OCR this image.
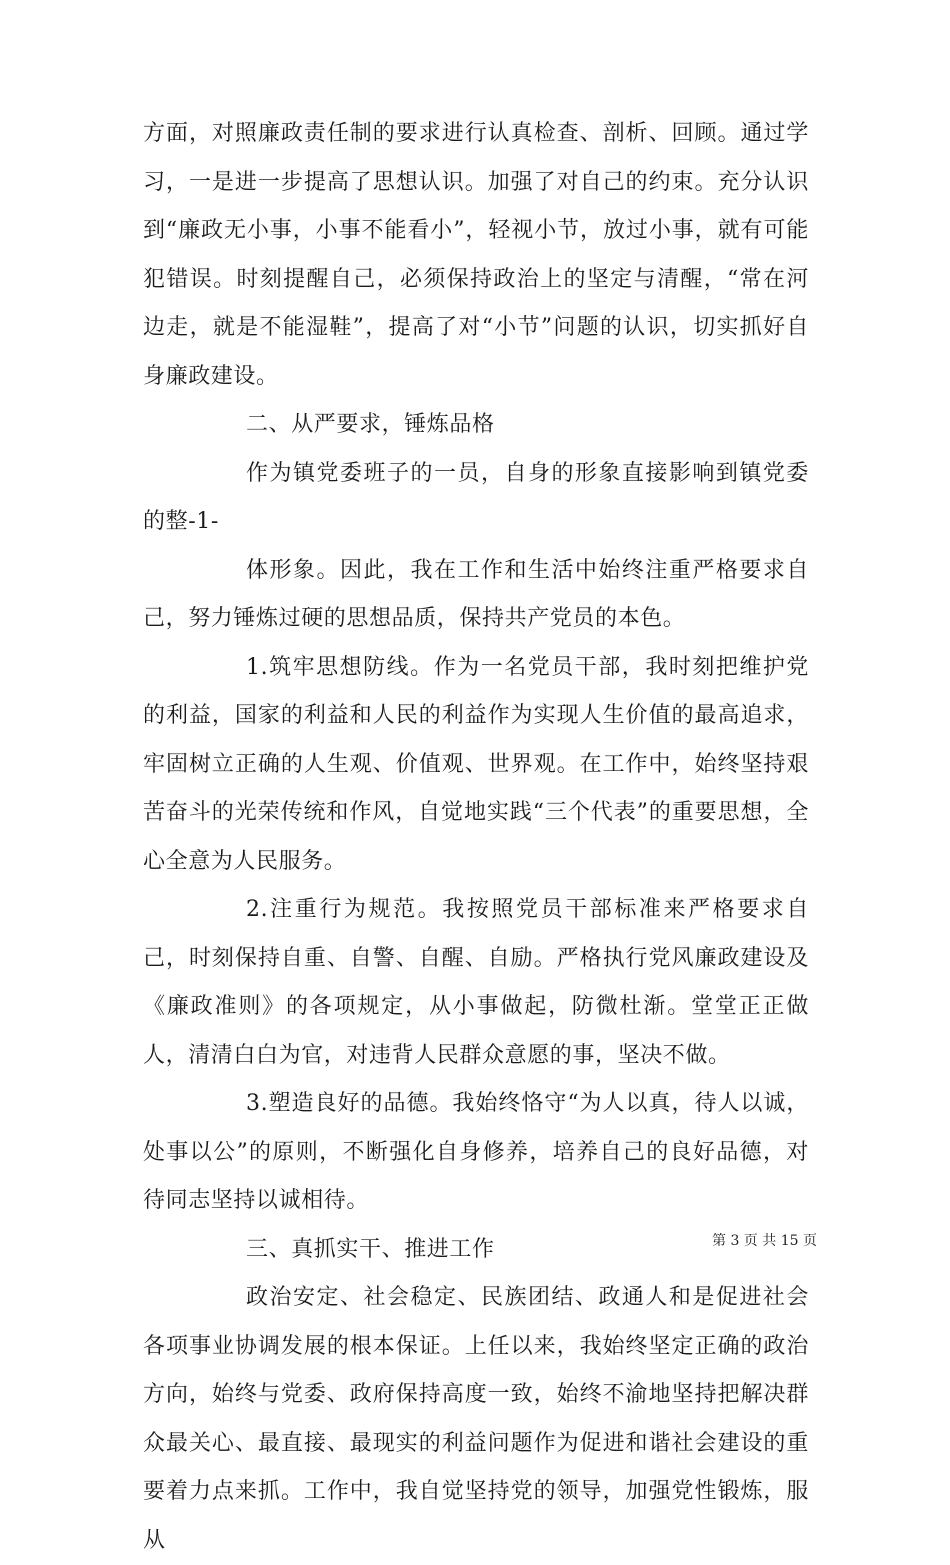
方面，对照廉政责任制的要求进行认真检查、剖析、回顾。通过学习，一是进一步提高了思想认识。加强了对自己的约束。充分认识到“廉政无小事，小事不能看小”，轻视小节，放过小事，就有可能犯错误。时刻提醒自己，必须保持政治上的坚定与清醒，“常在河边走，就是不能湿鞋”，提高了对“小节”问题的认识，切实抓好自身廉政建设。

二、从严要求，锤炼品格

作为镇党委班子的一员，自身的形象直接影响到镇党委的整-1-

体形象。因此，我在工作和生活中始终注重严格要求自己，努力锤炼过硬的思想品质，保持共产党员的本色。

1.筑牢思想防线。作为一名党员干部，我时刻把维护党的利益，国家的利益和人民的利益作为实现人生价值的最高追求，牢固树立正确的人生观、价值观、世界观。在工作中，始终坚持艰苦奋斗的光荣传统和作风，自觉地实践“三个代表”的重要思想，全心全意为人民服务。

2.注重行为规范。我按照党员干部标准来严格要求自己，时刻保持自重、自警、自醒、自励。严格执行党风廉政建设及《廉政准则》的各项规定，从小事做起，防微杜渐。堂堂正正做人，清清白白为官，对违背人民群众意愿的事，坚决不做。

3.塑造良好的品德。我始终恪守“为人以真，待人以诚，处事以公”的原则，不断强化自身修养，培养自己的良好品德，对待同志坚持以诚相待。

三、真抓实干、推进工作

政治安定、社会稳定、民族团结、政通人和是促进社会各项事业协调发展的根本保证。上任以来，我始终坚定正确的政治方向，始终与党委、政府保持高度一致，始终不渝地坚持把解决群众最关心、最直接、最现实的利益问题作为促进和谐社会建设的重要着力点来抓。工作中，我自觉坚持党的领导，加强党性锻炼，服从

第 3 页 共 15 页
